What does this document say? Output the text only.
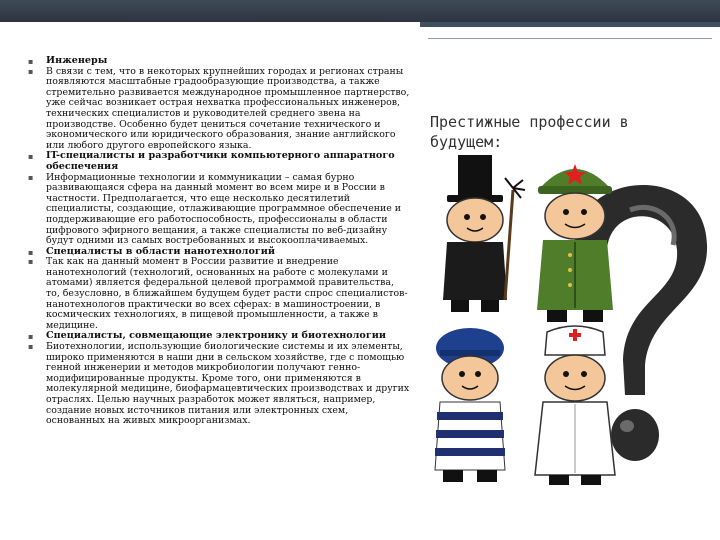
▪ Инженеры
▪ В связи с тем, что в некоторых крупнейших городах и регионах страны появляются масштабные градообразующие производства, а также стремительно развивается международное промышленное партнерство, уже сейчас возникает острая нехватка профессиональных инженеров, технических специалистов и руководителей среднего звена на производстве. Особенно будет цениться сочетание технического и экономического или юридического образования, знание английского или любого другого европейского языка.
▪ IT-специалисты и разработчики компьютерного аппаратного обеспечения
▪ Информационные технологии и коммуникации – самая бурно развивающаяся сфера на данный момент во всем мире и в России в частности. Предполагается, что еще несколько десятилетий специалисты, создающие, отлаживающие программное обеспечение и поддерживающие его работоспособность, профессионалы в области цифрового эфирного вещания, а также специалисты по веб-дизайну будут одними из самых востребованных и высокооплачиваемых.
▪ Специалисты в области нанотехнологий
▪ Так как на данный момент в России развитие и внедрение нанотехнологий (технологий, основанных на работе с молекулами и атомами) является федеральной целевой программой правительства, то, безусловно, в ближайшем будущем будет расти спрос специалистов-нанотехнологов практически во всех сферах: в машиностроении, в космических технологиях, в пищевой промышленности, а также в медицине.
▪ Специалисты, совмещающие электронику и биотехнологии
▪ Биотехнологии, использующие биологические системы и их элементы, широко применяются в наши дни в сельском хозяйстве, где с помощью генной инженерии и методов микробиологии получают генно-модифицированные продукты. Кроме того, они применяются в молекулярной медицине, биофармацевтических производствах и других отраслях. Целью научных разработок может являться, например, создание новых источников питания или электронных схем, основанных на живых микроорганизмах.
Престижные профессии в будущем:
